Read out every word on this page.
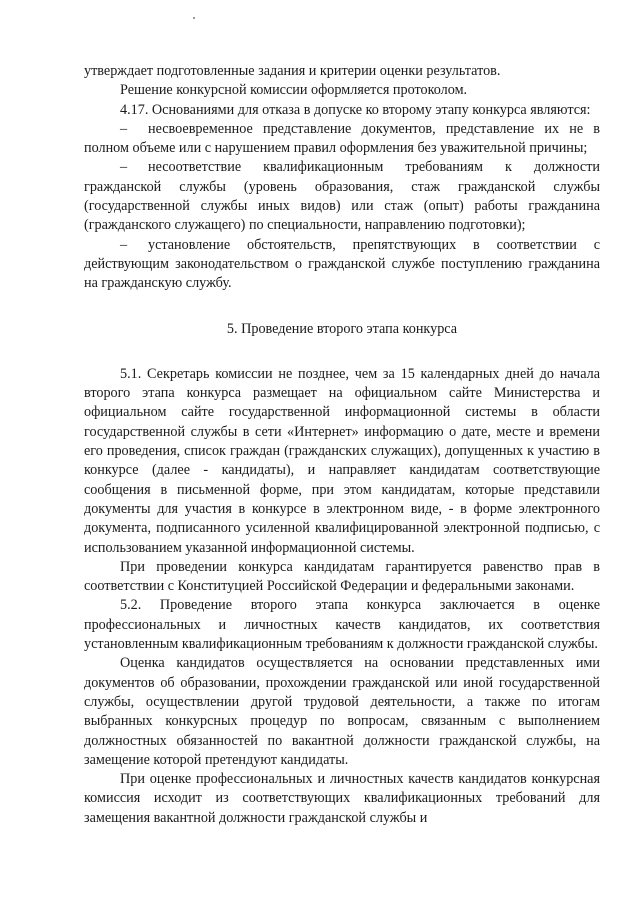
утверждает подготовленные задания и критерии оценки результатов.

Решение конкурсной комиссии оформляется протоколом.

4.17. Основаниями для отказа в допуске ко второму этапу конкурса являются:

– несвоевременное представление документов, представление их не в полном объеме или с нарушением правил оформления без уважительной причины;

– несоответствие квалификационным требованиям к должности гражданской службы (уровень образования, стаж гражданской службы (государственной службы иных видов) или стаж (опыт) работы гражданина (гражданского служащего) по специальности, направлению подготовки);

– установление обстоятельств, препятствующих в соответствии с действующим законодательством о гражданской службе поступлению гражданина на гражданскую службу.

5. Проведение второго этапа конкурса

5.1. Секретарь комиссии не позднее, чем за 15 календарных дней до начала второго этапа конкурса размещает на официальном сайте Министерства и официальном сайте государственной информационной системы в области государственной службы в сети «Интернет» информацию о дате, месте и времени его проведения, список граждан (гражданских служащих), допущенных к участию в конкурсе (далее - кандидаты), и направляет кандидатам соответствующие сообщения в письменной форме, при этом кандидатам, которые представили документы для участия в конкурсе в электронном виде, - в форме электронного документа, подписанного усиленной квалифицированной электронной подписью, с использованием указанной информационной системы.

При проведении конкурса кандидатам гарантируется равенство прав в соответствии с Конституцией Российской Федерации и федеральными законами.

5.2. Проведение второго этапа конкурса заключается в оценке профессиональных и личностных качеств кандидатов, их соответствия установленным квалификационным требованиям к должности гражданской службы.

Оценка кандидатов осуществляется на основании представленных ими документов об образовании, прохождении гражданской или иной государственной службы, осуществлении другой трудовой деятельности, а также по итогам выбранных конкурсных процедур по вопросам, связанным с выполнением должностных обязанностей по вакантной должности гражданской службы, на замещение которой претендуют кандидаты.

При оценке профессиональных и личностных качеств кандидатов конкурсная комиссия исходит из соответствующих квалификационных требований для замещения вакантной должности гражданской службы и
